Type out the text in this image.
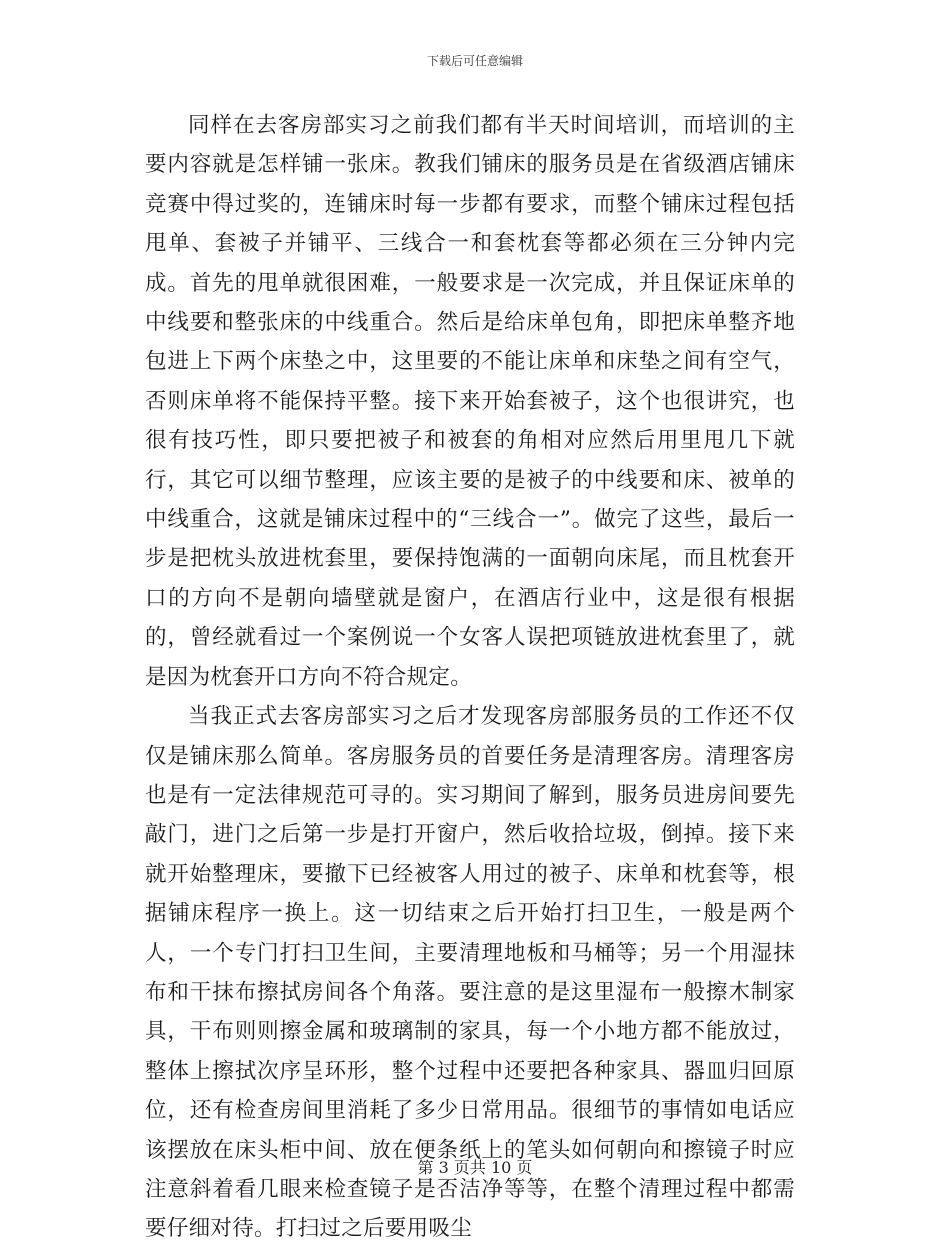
下载后可任意编辑

同样在去客房部实习之前我们都有半天时间培训，而培训的主要内容就是怎样铺一张床。教我们铺床的服务员是在省级酒店铺床竞赛中得过奖的，连铺床时每一步都有要求，而整个铺床过程包括甩单、套被子并铺平、三线合一和套枕套等都必须在三分钟内完成。首先的甩单就很困难，一般要求是一次完成，并且保证床单的中线要和整张床的中线重合。然后是给床单包角，即把床单整齐地包进上下两个床垫之中，这里要的不能让床单和床垫之间有空气，否则床单将不能保持平整。接下来开始套被子，这个也很讲究，也很有技巧性，即只要把被子和被套的角相对应然后用里甩几下就行，其它可以细节整理，应该主要的是被子的中线要和床、被单的中线重合，这就是铺床过程中的“三线合一”。做完了这些，最后一步是把枕头放进枕套里，要保持饱满的一面朝向床尾，而且枕套开口的方向不是朝向墙壁就是窗户，在酒店行业中，这是很有根据的，曾经就看过一个案例说一个女客人误把项链放进枕套里了，就是因为枕套开口方向不符合规定。

当我正式去客房部实习之后才发现客房部服务员的工作还不仅仅是铺床那么简单。客房服务员的首要任务是清理客房。清理客房也是有一定法律规范可寻的。实习期间了解到，服务员进房间要先敲门，进门之后第一步是打开窗户，然后收拾垃圾，倒掉。接下来就开始整理床，要撤下已经被客人用过的被子、床单和枕套等，根据铺床程序一换上。这一切结束之后开始打扫卫生，一般是两个人，一个专门打扫卫生间，主要清理地板和马桶等；另一个用湿抹布和干抹布擦拭房间各个角落。要注意的是这里湿布一般擦木制家具，干布则则擦金属和玻璃制的家具，每一个小地方都不能放过，整体上擦拭次序呈环形，整个过程中还要把各种家具、器皿归回原位，还有检查房间里消耗了多少日常用品。很细节的事情如电话应该摆放在床头柜中间、放在便条纸上的笔头如何朝向和擦镜子时应注意斜着看几眼来检查镜子是否洁净等等，在整个清理过程中都需要仔细对待。打扫过之后要用吸尘

第 3 页共 10 页
